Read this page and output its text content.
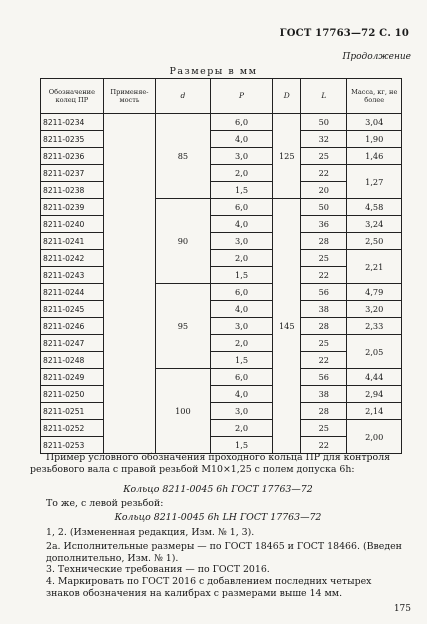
ГОСТ 17763—72 С. 10
Продолжение
Размеры в мм
Обозначение колец ПР	Применяе-мость	d	P	D	L	Масса, кг, не более
8211-0234		85	6,0	125	50	3,04
8211-0235			4,0		32	1,90
8211-0236			3,0		25	1,46
8211-0237			2,0		22	1,27
8211-0238			1,5		20	
8211-0239		90	6,0	145	50	4,58
8211-0240			4,0		36	3,24
8211-0241			3,0		28	2,50
8211-0242			2,0		25	2,21
8211-0243			1,5		22	
8211-0244		95	6,0		56	4,79
8211-0245			4,0		38	3,20
8211-0246			3,0		28	2,33
8211-0247			2,0		25	2,05
8211-0248			1,5		22	
8211-0249		100	6,0		56	4,44
8211-0250			4,0		38	2,94
8211-0251			3,0		28	2,14
8211-0252			2,0		25	2,00
8211-0253			1,5		22	
Пример условного обозначения проходного кольца ПР для контроля резьбового вала с правой резьбой M10×1,25 с полем допуска 6h:
Кольцо 8211-0045 6h ГОСТ 17763—72
То же, с левой резьбой:
Кольцо 8211-0045 6h LH ГОСТ 17763—72
1, 2. (Измененная редакция, Изм. № 1, 3).
2а. Исполнительные размеры — по ГОСТ 18465 и ГОСТ 18466. (Введен дополнительно, Изм. № 1).
3. Технические требования — по ГОСТ 2016.
4. Маркировать по ГОСТ 2016 с добавлением последних четырех знаков обозначения на калибрах с размерами выше 14 мм.
175
